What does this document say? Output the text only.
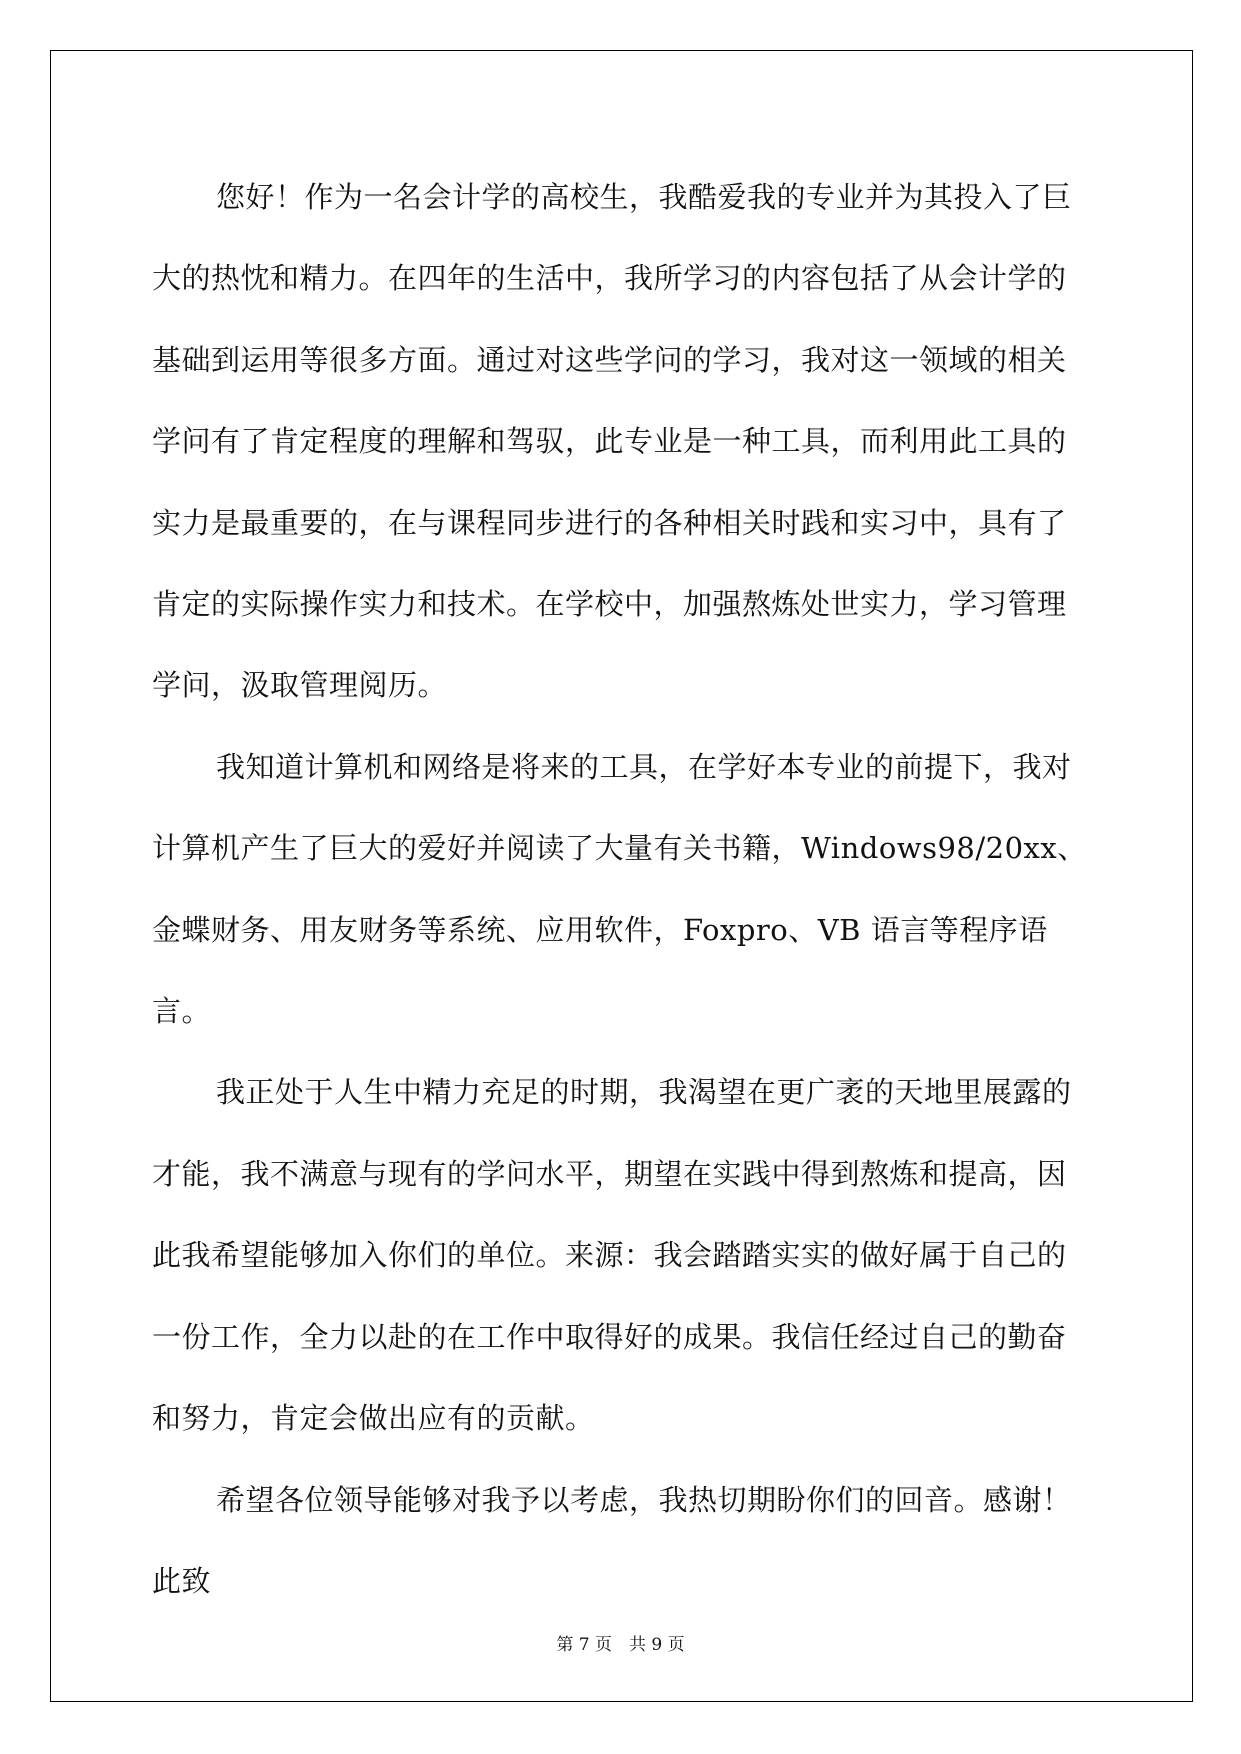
您好！作为一名会计学的高校生，我酷爱我的专业并为其投入了巨大的热忱和精力。在四年的生活中，我所学习的内容包括了从会计学的基础到运用等很多方面。通过对这些学问的学习，我对这一领域的相关学问有了肯定程度的理解和驾驭，此专业是一种工具，而利用此工具的实力是最重要的，在与课程同步进行的各种相关时践和实习中，具有了肯定的实际操作实力和技术。在学校中，加强熬炼处世实力，学习管理学问，汲取管理阅历。

我知道计算机和网络是将来的工具，在学好本专业的前提下，我对计算机产生了巨大的爱好并阅读了大量有关书籍，Windows98/20xx、金蝶财务、用友财务等系统、应用软件，Foxpro、VB 语言等程序语言。

我正处于人生中精力充足的时期，我渴望在更广袤的天地里展露的才能，我不满意与现有的学问水平，期望在实践中得到熬炼和提高，因此我希望能够加入你们的单位。来源：我会踏踏实实的做好属于自己的一份工作，全力以赴的在工作中取得好的成果。我信任经过自己的勤奋和努力，肯定会做出应有的贡献。

希望各位领导能够对我予以考虑，我热切期盼你们的回音。感谢！

此致

第 7 页　共 9 页
